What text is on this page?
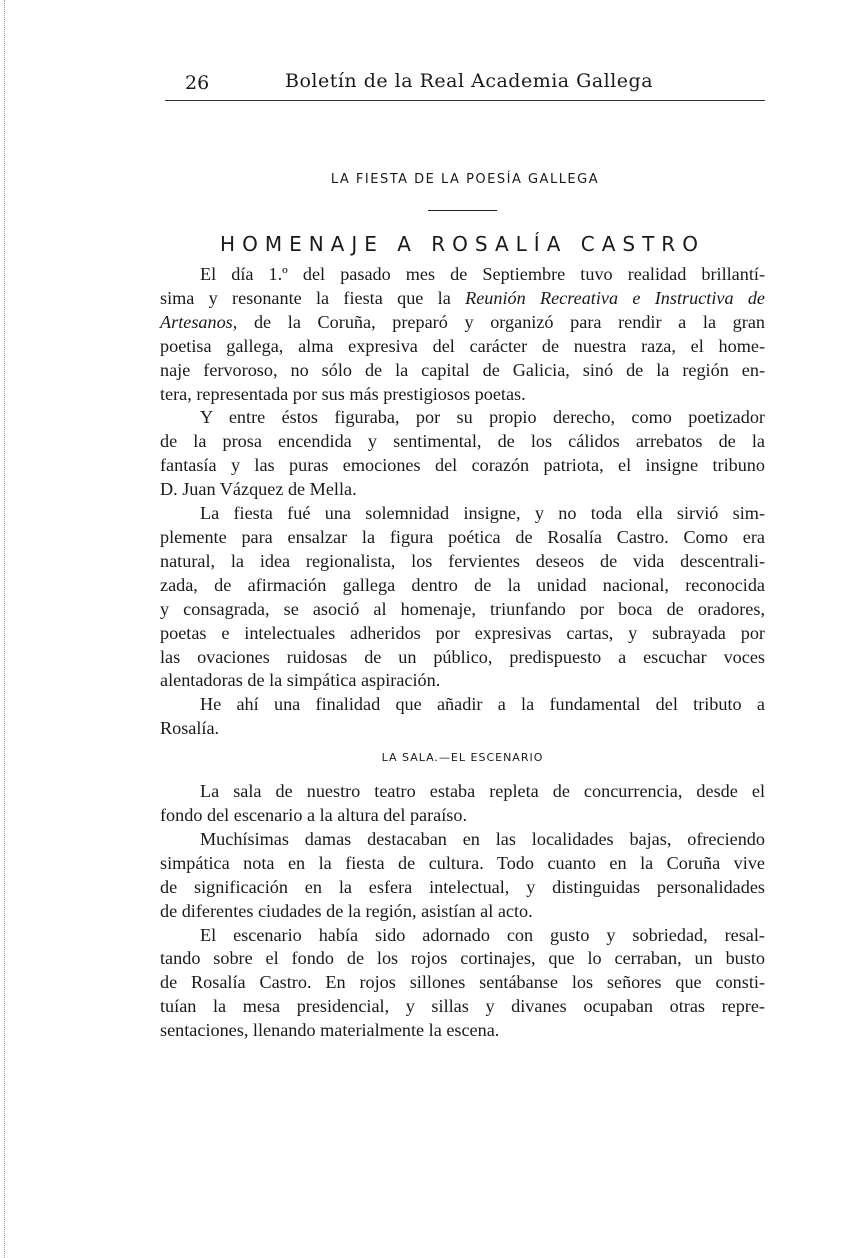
26	Boletín de la Real Academia Gallega
LA FIESTA DE LA POESÍA GALLEGA
HOMENAJE A ROSALÍA CASTRO
El día 1.º del pasado mes de Septiembre tuvo realidad brillantí-
sima y resonante la fiesta que la Reunión Recreativa e Instructiva de
Artesanos, de la Coruña, preparó y organizó para rendir a la gran
poetisa gallega, alma expresiva del carácter de nuestra raza, el home-
naje fervoroso, no sólo de la capital de Galicia, sinó de la región en-
tera, representada por sus más prestigiosos poetas.
Y entre éstos figuraba, por su propio derecho, como poetizador
de la prosa encendida y sentimental, de los cálidos arrebatos de la
fantasía y las puras emociones del corazón patriota, el insigne tribuno
D. Juan Vázquez de Mella.
La fiesta fué una solemnidad insigne, y no toda ella sirvió sim-
plemente para ensalzar la figura poética de Rosalía Castro. Como era
natural, la idea regionalista, los fervientes deseos de vida descentrali-
zada, de afirmación gallega dentro de la unidad nacional, reconocida
y consagrada, se asoció al homenaje, triunfando por boca de oradores,
poetas e intelectuales adheridos por expresivas cartas, y subrayada por
las ovaciones ruidosas de un público, predispuesto a escuchar voces
alentadoras de la simpática aspiración.
He ahí una finalidad que añadir a la fundamental del tributo a
Rosalía.
LA SALA.—EL ESCENARIO
La sala de nuestro teatro estaba repleta de concurrencia, desde el
fondo del escenario a la altura del paraíso.
Muchísimas damas destacaban en las localidades bajas, ofreciendo
simpática nota en la fiesta de cultura. Todo cuanto en la Coruña vive
de significación en la esfera intelectual, y distinguidas personalidades
de diferentes ciudades de la región, asistían al acto.
El escenario había sido adornado con gusto y sobriedad, resal-
tando sobre el fondo de los rojos cortinajes, que lo cerraban, un busto
de Rosalía Castro. En rojos sillones sentábanse los señores que consti-
tuían la mesa presidencial, y sillas y divanes ocupaban otras repre-
sentaciones, llenando materialmente la escena.
